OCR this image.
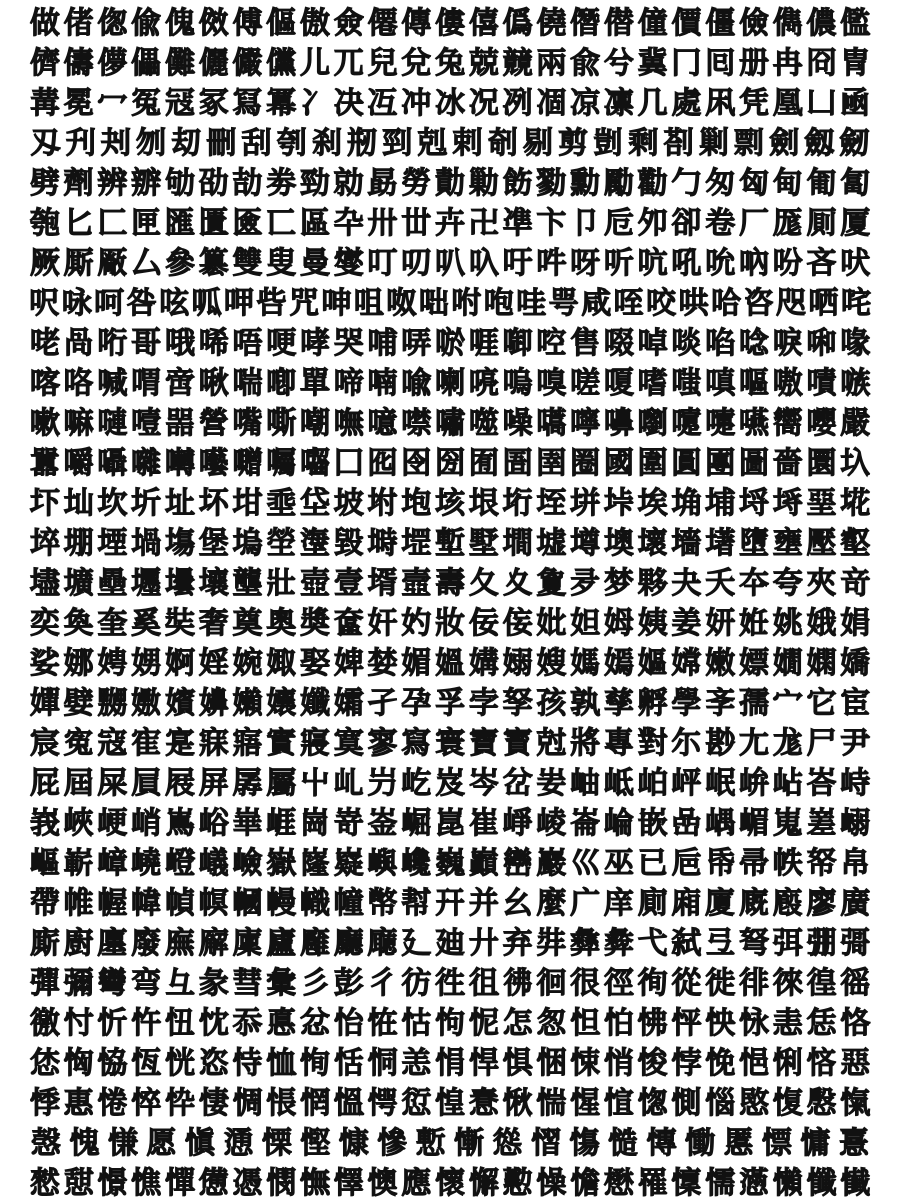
做 偖 偬 偸 傀 傚 傅 傴 傲 僉 僊 傳 僂 僖 僞 僥 僭 僣 僮 價 僵 儉 儁 儂 儖
儕 儔 儚 儡 儺 儷 儼 儻 儿 兀 兒 兌 兔 兢 竸 兩 兪 兮 冀 冂 囘 册 冉 冏 冑
冓 冕 冖 冤 冦 冢 冩 冪 冫 决 冱 冲 冰 况 冽 凅 凉 凛 几 處 凩 凭 凰 凵 凾
刄 刋 刔 刎 刧 刪 刮 刳 刹 剏 剄 剋 剌 剞 剔 剪 剴 剩 剳 剿 剽 劍 劔 劒
劈 劑 辨 辧 劬 劭 劼 劵 勁 勍 勗 勞 勣 勦 飭 勠 勳 勵 勸 勹 匆 匈 甸 匍 匐
匏 匕 匚 匣 匯 匱 匳 匸 區 卆 卅 丗 卉 卍 凖 卞 卩 卮 夘 卻 卷 厂 厖 厠 厦
厥 厮 厰 厶 參 簒 雙 叟 曼 燮 叮 叨 叭 叺 吁 吽 呀 听 吭 吼 吮 吶 吩 吝 吠
呎 咏 呵 咎 呟 呱 呷 呰 咒 呻 咀 呶 咄 咐 咆 哇 咢 咸 咥 咬 哄 哈 咨 咫 哂 咤
咾 咼 哘 哥 哦 唏 唔 哽 哮 哭 哺 哢 唹 啀 啣 啌 售 啜 啅 啖 啗 唸 唳 啝 喙
喀 咯 喊 喟 啻 啾 喘 喞 單 啼 喃 喩 喇 喨 嗚 嗅 嗟 嗄 嗜 嗤 嗔 嘔 嗷 嘖 嗾
嗽 嘛 嗹 噎 噐 營 嘴 嘶 嘲 嘸 噫 噤 嘯 噬 噪 嚆 嚀 嚊 嚠 嚔 嚏 嚥 嚮 嚶 嚴
囂 嚼 囁 囃 囀 囈 囎 囑 囓 囗 囮 囹 圀 囿 圄 圉 圈 國 圍 圓 團 圖 嗇 圜 圦
圷 圸 坎 圻 址 坏 坩 埀 垈 坡 坿 垉 垓 垠 垳 垤 垪 垰 埃 埆 埔 埒 埓 堊 埖
埣 堋 堙 堝 塲 堡 塢 塋 塰 毀 塒 堽 塹 墅 墹 墟 墫 墺 壞 墻 墸 墮 壅 壓 壑
壗 壙 壘 壥 壜 壤 壟 壯 壺 壹 壻 壼 壽 夂 夊 夐 夛 梦 夥 夬 夭 夲 夸 夾 竒
奕 奐 奎 奚 奘 奢 奠 奧 奬 奩 奸 妁 妝 佞 侫 妣 妲 姆 姨 姜 妍 姙 姚 娥 娟
娑 娜 娉 娚 婀 婬 婉 娵 娶 婢 婪 媚 媼 媾 嫋 嫂 媽 嫣 嫗 嫦 嫩 嫖 嫺 嫻 嬌
嬋 嬖 嬲 嫐 嬪 嬶 嬾 孃 孅 孀 孑 孕 孚 孛 孥 孩 孰 孳 孵 學 斈 孺 宀 它 宦
宸 寃 寇 寉 寔 寐 寤 實 寢 寞 寥 寫 寰 寶 寳 尅 將 專 對 尓 尠 尢 尨 尸 尹
屁 屆 屎 屓 屐 屏 孱 屬 屮 乢 屶 屹 岌 岑 岔 妛 岫 岻 岶 岼 岷 峅 岾 峇 峙
峩 峽 峺 峭 嶌 峪 崋 崕 崗 嵜 崟 崛 崑 崔 崢 崚 崙 崘 嵌 嵒 嵎 嵋 嵬 嵳 嵶
嶇 嶄 嶂 嶢 嶝 嶬 嶮 嶽 嶐 嶷 嶼 巉 巍 巓 巒 巖 巛 巫 已 巵 帋 帚 帙 帑 帛
帶 帷 幄 幃 幀 幎 幗 幔 幟 幢 幤 幇 幵 并 幺 麼 广 庠 廁 廂 廈 廐 廏 廖 廣
廝 廚 廛 廢 廡 廨 廩 廬 廱 廳 廰 廴 廸 廾 弃 弉 彝 彜 弋 弑 弖 弩 弭 弸 彁
彈 彌 彎 弯 彑 彖 彗 彙 彡 彭 彳 彷 徃 徂 彿 徊 很 徑 徇 從 徙 徘 徠 徨 徭
徼 忖 忻 忤 忸 忱 忝 悳 忿 怡 恠 怙 怐 怩 怎 怱 怛 怕 怫 怦 怏 怺 恚 恁 恪
恷 恟 恊 恆 恍 恣 恃 恤 恂 恬 恫 恙 悁 悍 惧 悃 悚 悄 悛 悖 悗 悒 悧 悋 惡
悸 惠 惓 悴 忰 悽 惆 悵 惘 慍 愕 愆 惶 惷 愀 惴 惺 愃 愡 惻 惱 愍 愎 慇 愾
愨 愧 慊 愿 愼 慂 慄 慳 慷 慘 慙 慚 慫 慴 慯 慥 慱 慟 慝 慓 慵 憙
憖 憇 憬 憔 憚 憊 憑 憫 憮 懌 懊 應 懷 懈 懃 懆 憺 懋 罹 懍 懦 懣 懶 懺 懴
